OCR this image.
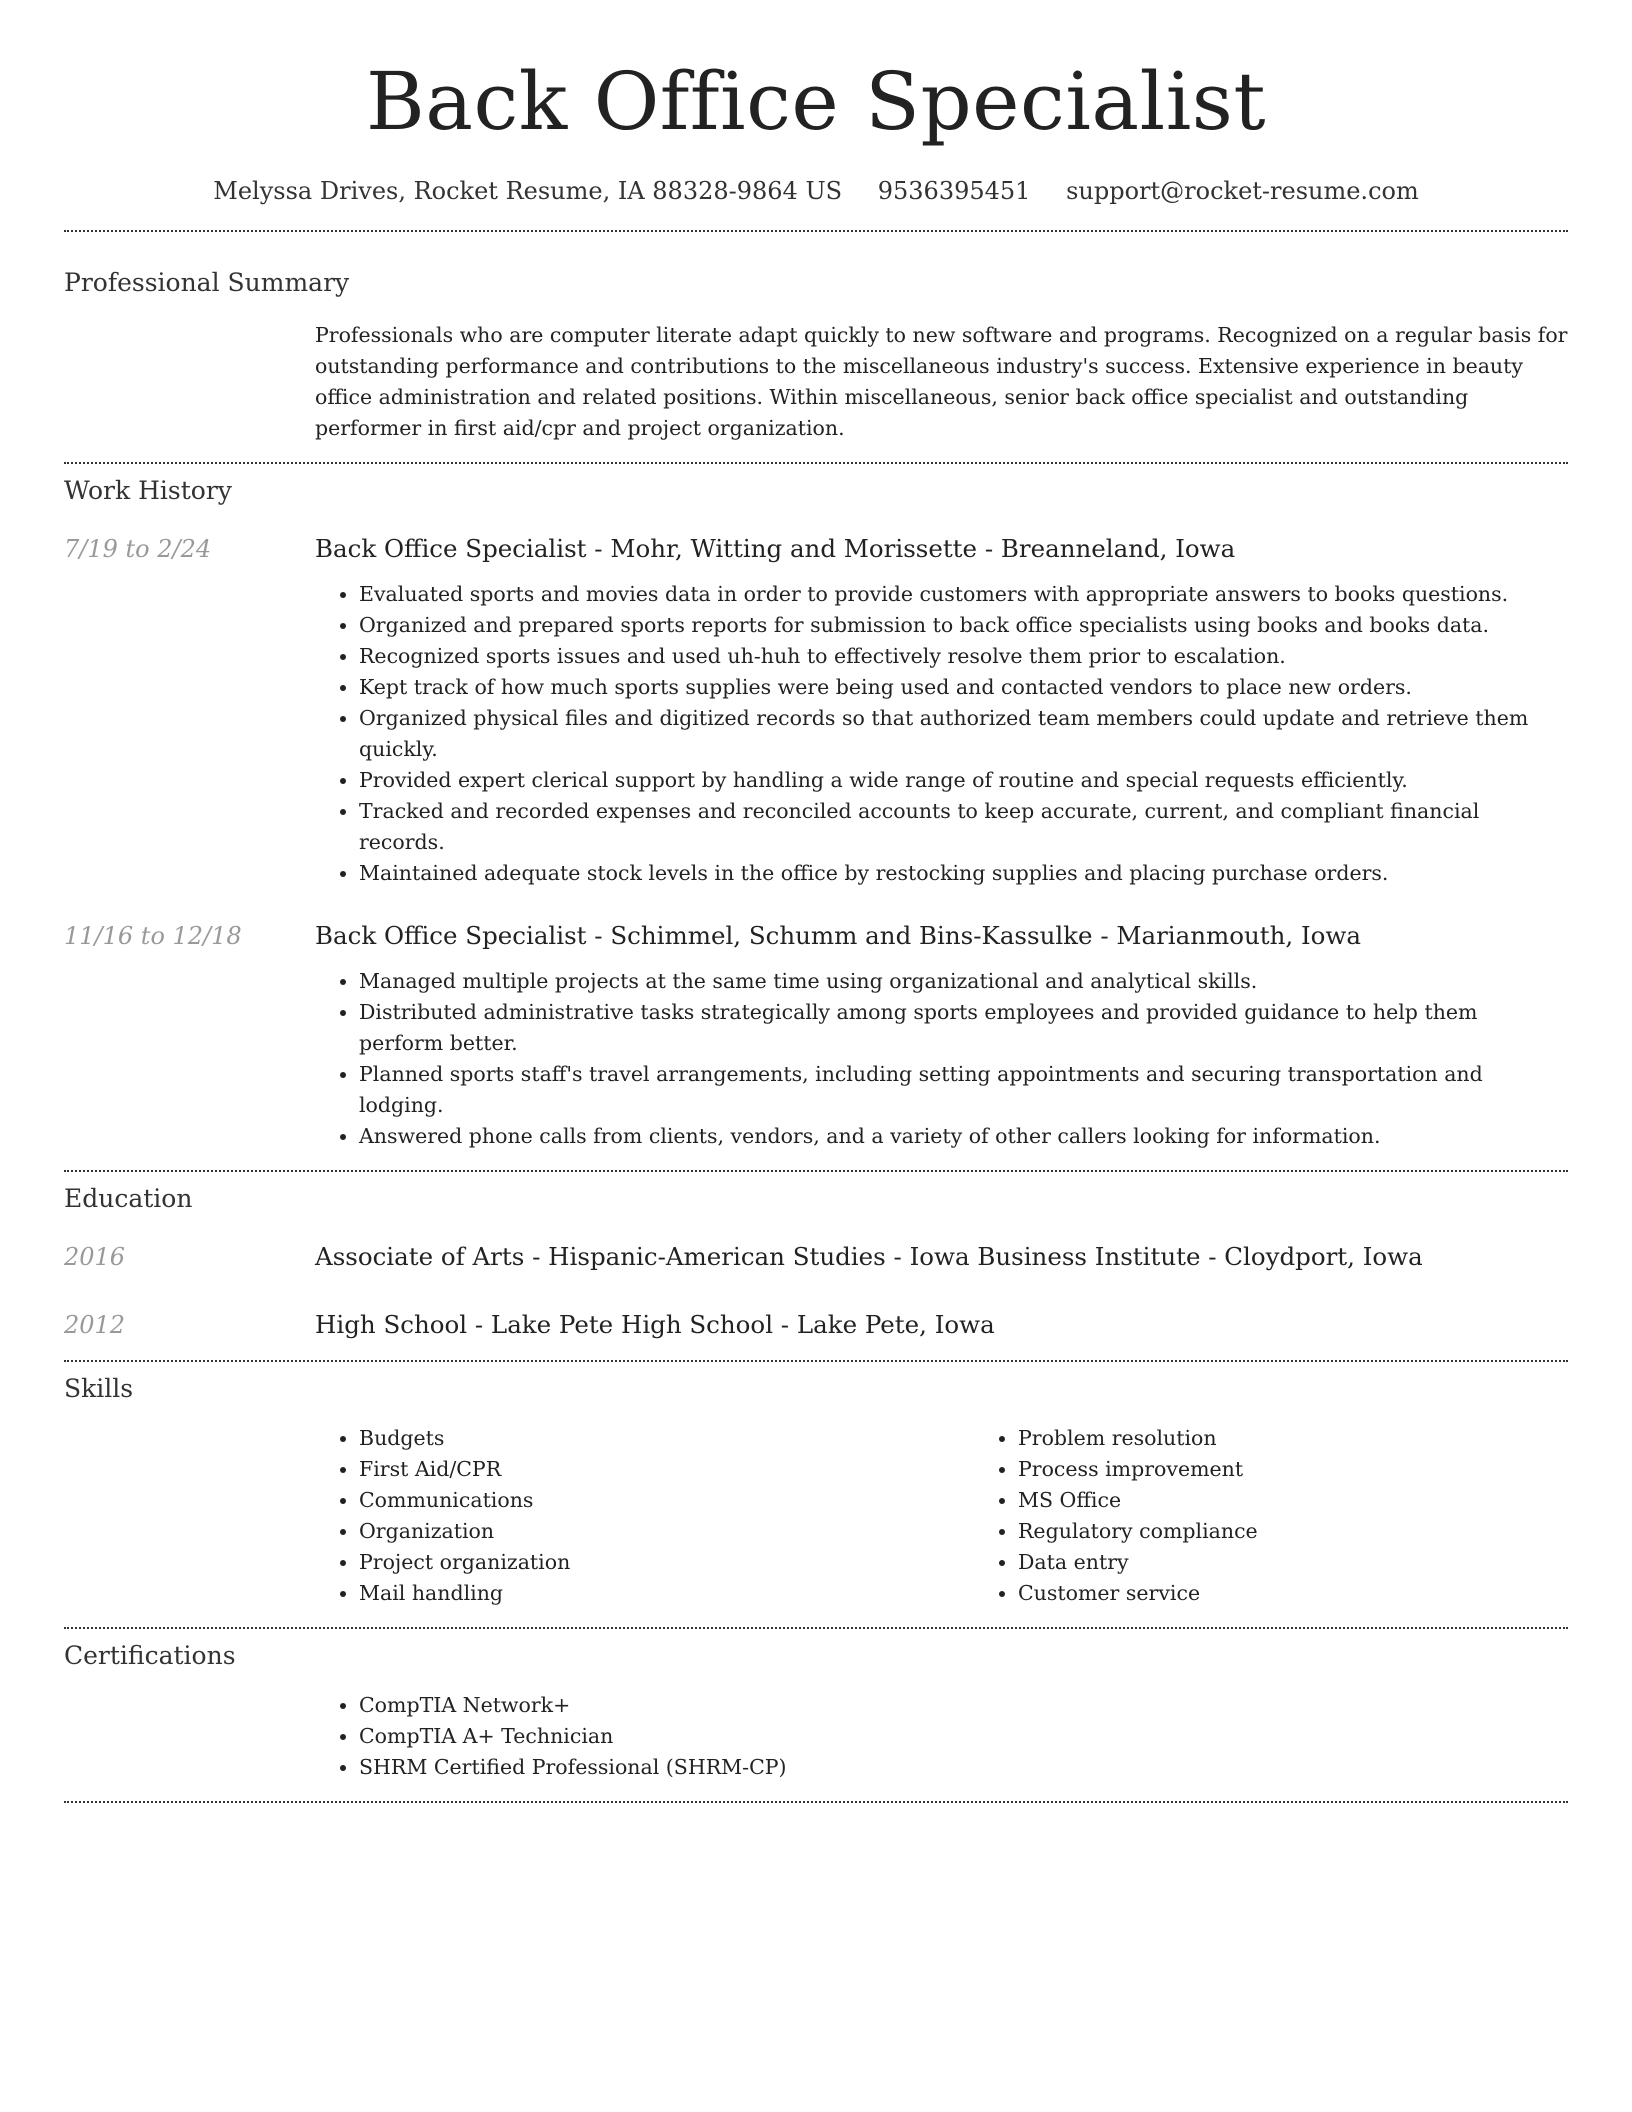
Back Office Specialist
Melyssa Drives, Rocket Resume, IA 88328-9864 US 9536395451 support@rocket-resume.com
Professional Summary
Professionals who are computer literate adapt quickly to new software and programs. Recognized on a regular basis for outstanding performance and contributions to the miscellaneous industry's success. Extensive experience in beauty office administration and related positions. Within miscellaneous, senior back office specialist and outstanding performer in first aid/cpr and project organization.
Work History
7/19 to 2/24	Back Office Specialist - Mohr, Witting and Morissette - Breanneland, Iowa
• Evaluated sports and movies data in order to provide customers with appropriate answers to books questions.
• Organized and prepared sports reports for submission to back office specialists using books and books data.
• Recognized sports issues and used uh-huh to effectively resolve them prior to escalation.
• Kept track of how much sports supplies were being used and contacted vendors to place new orders.
• Organized physical files and digitized records so that authorized team members could update and retrieve them quickly.
• Provided expert clerical support by handling a wide range of routine and special requests efficiently.
• Tracked and recorded expenses and reconciled accounts to keep accurate, current, and compliant financial records.
• Maintained adequate stock levels in the office by restocking supplies and placing purchase orders.
11/16 to 12/18	Back Office Specialist - Schimmel, Schumm and Bins-Kassulke - Marianmouth, Iowa
• Managed multiple projects at the same time using organizational and analytical skills.
• Distributed administrative tasks strategically among sports employees and provided guidance to help them perform better.
• Planned sports staff's travel arrangements, including setting appointments and securing transportation and lodging.
• Answered phone calls from clients, vendors, and a variety of other callers looking for information.
Education
2016	Associate of Arts - Hispanic-American Studies - Iowa Business Institute - Cloydport, Iowa
2012	High School - Lake Pete High School - Lake Pete, Iowa
Skills
• Budgets
• First Aid/CPR
• Communications
• Organization
• Project organization
• Mail handling
• Problem resolution
• Process improvement
• MS Office
• Regulatory compliance
• Data entry
• Customer service
Certifications
• CompTIA Network+
• CompTIA A+ Technician
• SHRM Certified Professional (SHRM-CP)
